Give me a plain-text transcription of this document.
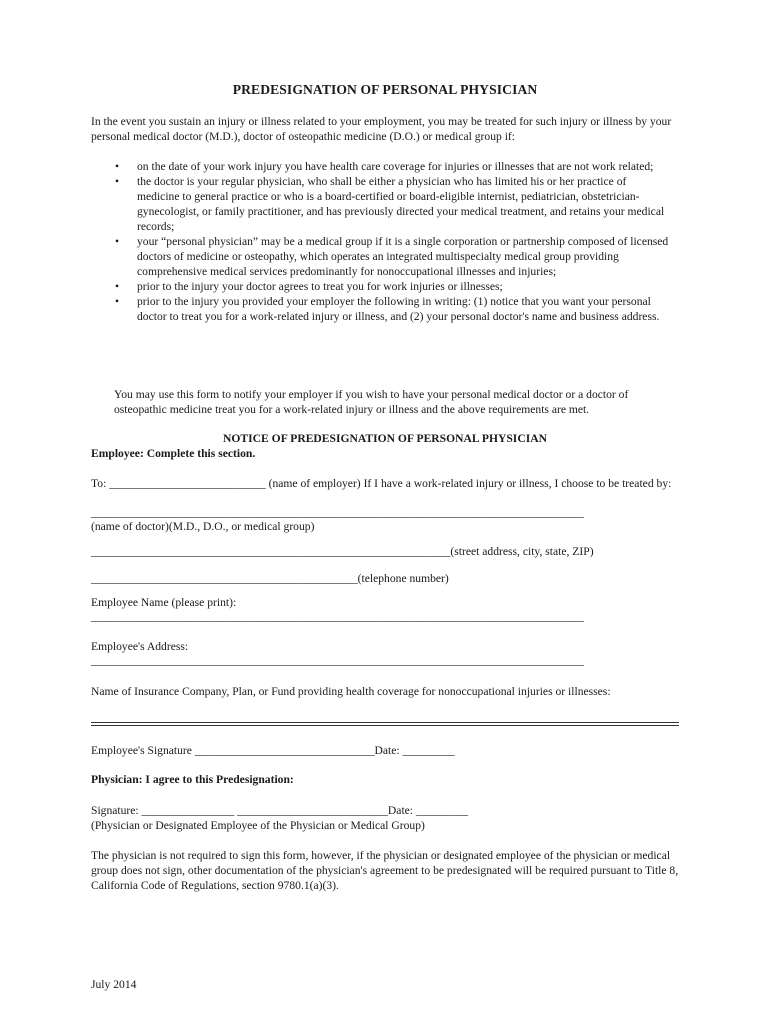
PREDESIGNATION OF PERSONAL PHYSICIAN
In the event you sustain an injury or illness related to your employment, you may be treated for such injury or illness by your personal medical doctor (M.D.), doctor of osteopathic medicine (D.O.) or medical group if:
• on the date of your work injury you have health care coverage for injuries or illnesses that are not work related;
• the doctor is your regular physician, who shall be either a physician who has limited his or her practice of medicine to general practice or who is a board-certified or board-eligible internist, pediatrician, obstetrician-gynecologist, or family practitioner, and has previously directed your medical treatment, and retains your medical records;
• your “personal physician” may be a medical group if it is a single corporation or partnership composed of licensed doctors of medicine or osteopathy, which operates an integrated multispecialty medical group providing comprehensive medical services predominantly for nonoccupational illnesses and injuries;
• prior to the injury your doctor agrees to treat you for work injuries or illnesses;
• prior to the injury you provided your employer the following in writing: (1) notice that you want your personal doctor to treat you for a work-related injury or illness, and (2) your personal doctor's name and business address.
You may use this form to notify your employer if you wish to have your personal medical doctor or a doctor of osteopathic medicine treat you for a work-related injury or illness and the above requirements are met.
NOTICE OF PREDESIGNATION OF PERSONAL PHYSICIAN
Employee: Complete this section.
To: ___________________________ (name of employer) If I have a work-related injury or illness, I choose to be treated by:
_____________________________________________________________________________________
(name of doctor)(M.D., D.O., or medical group)
______________________________________________________________(street address, city, state, ZIP)
______________________________________________(telephone number)
Employee Name (please print):
_____________________________________________________________________________________
Employee's Address:
_____________________________________________________________________________________
Name of Insurance Company, Plan, or Fund providing health coverage for nonoccupational injuries or illnesses:
Employee's Signature _______________________________Date: _________
Physician: I agree to this Predesignation:
Signature: ________________ __________________________Date: _________
(Physician or Designated Employee of the Physician or Medical Group)
The physician is not required to sign this form, however, if the physician or designated employee of the physician or medical group does not sign, other documentation of the physician's agreement to be predesignated will be required pursuant to Title 8, California Code of Regulations, section 9780.1(a)(3).
July 2014
